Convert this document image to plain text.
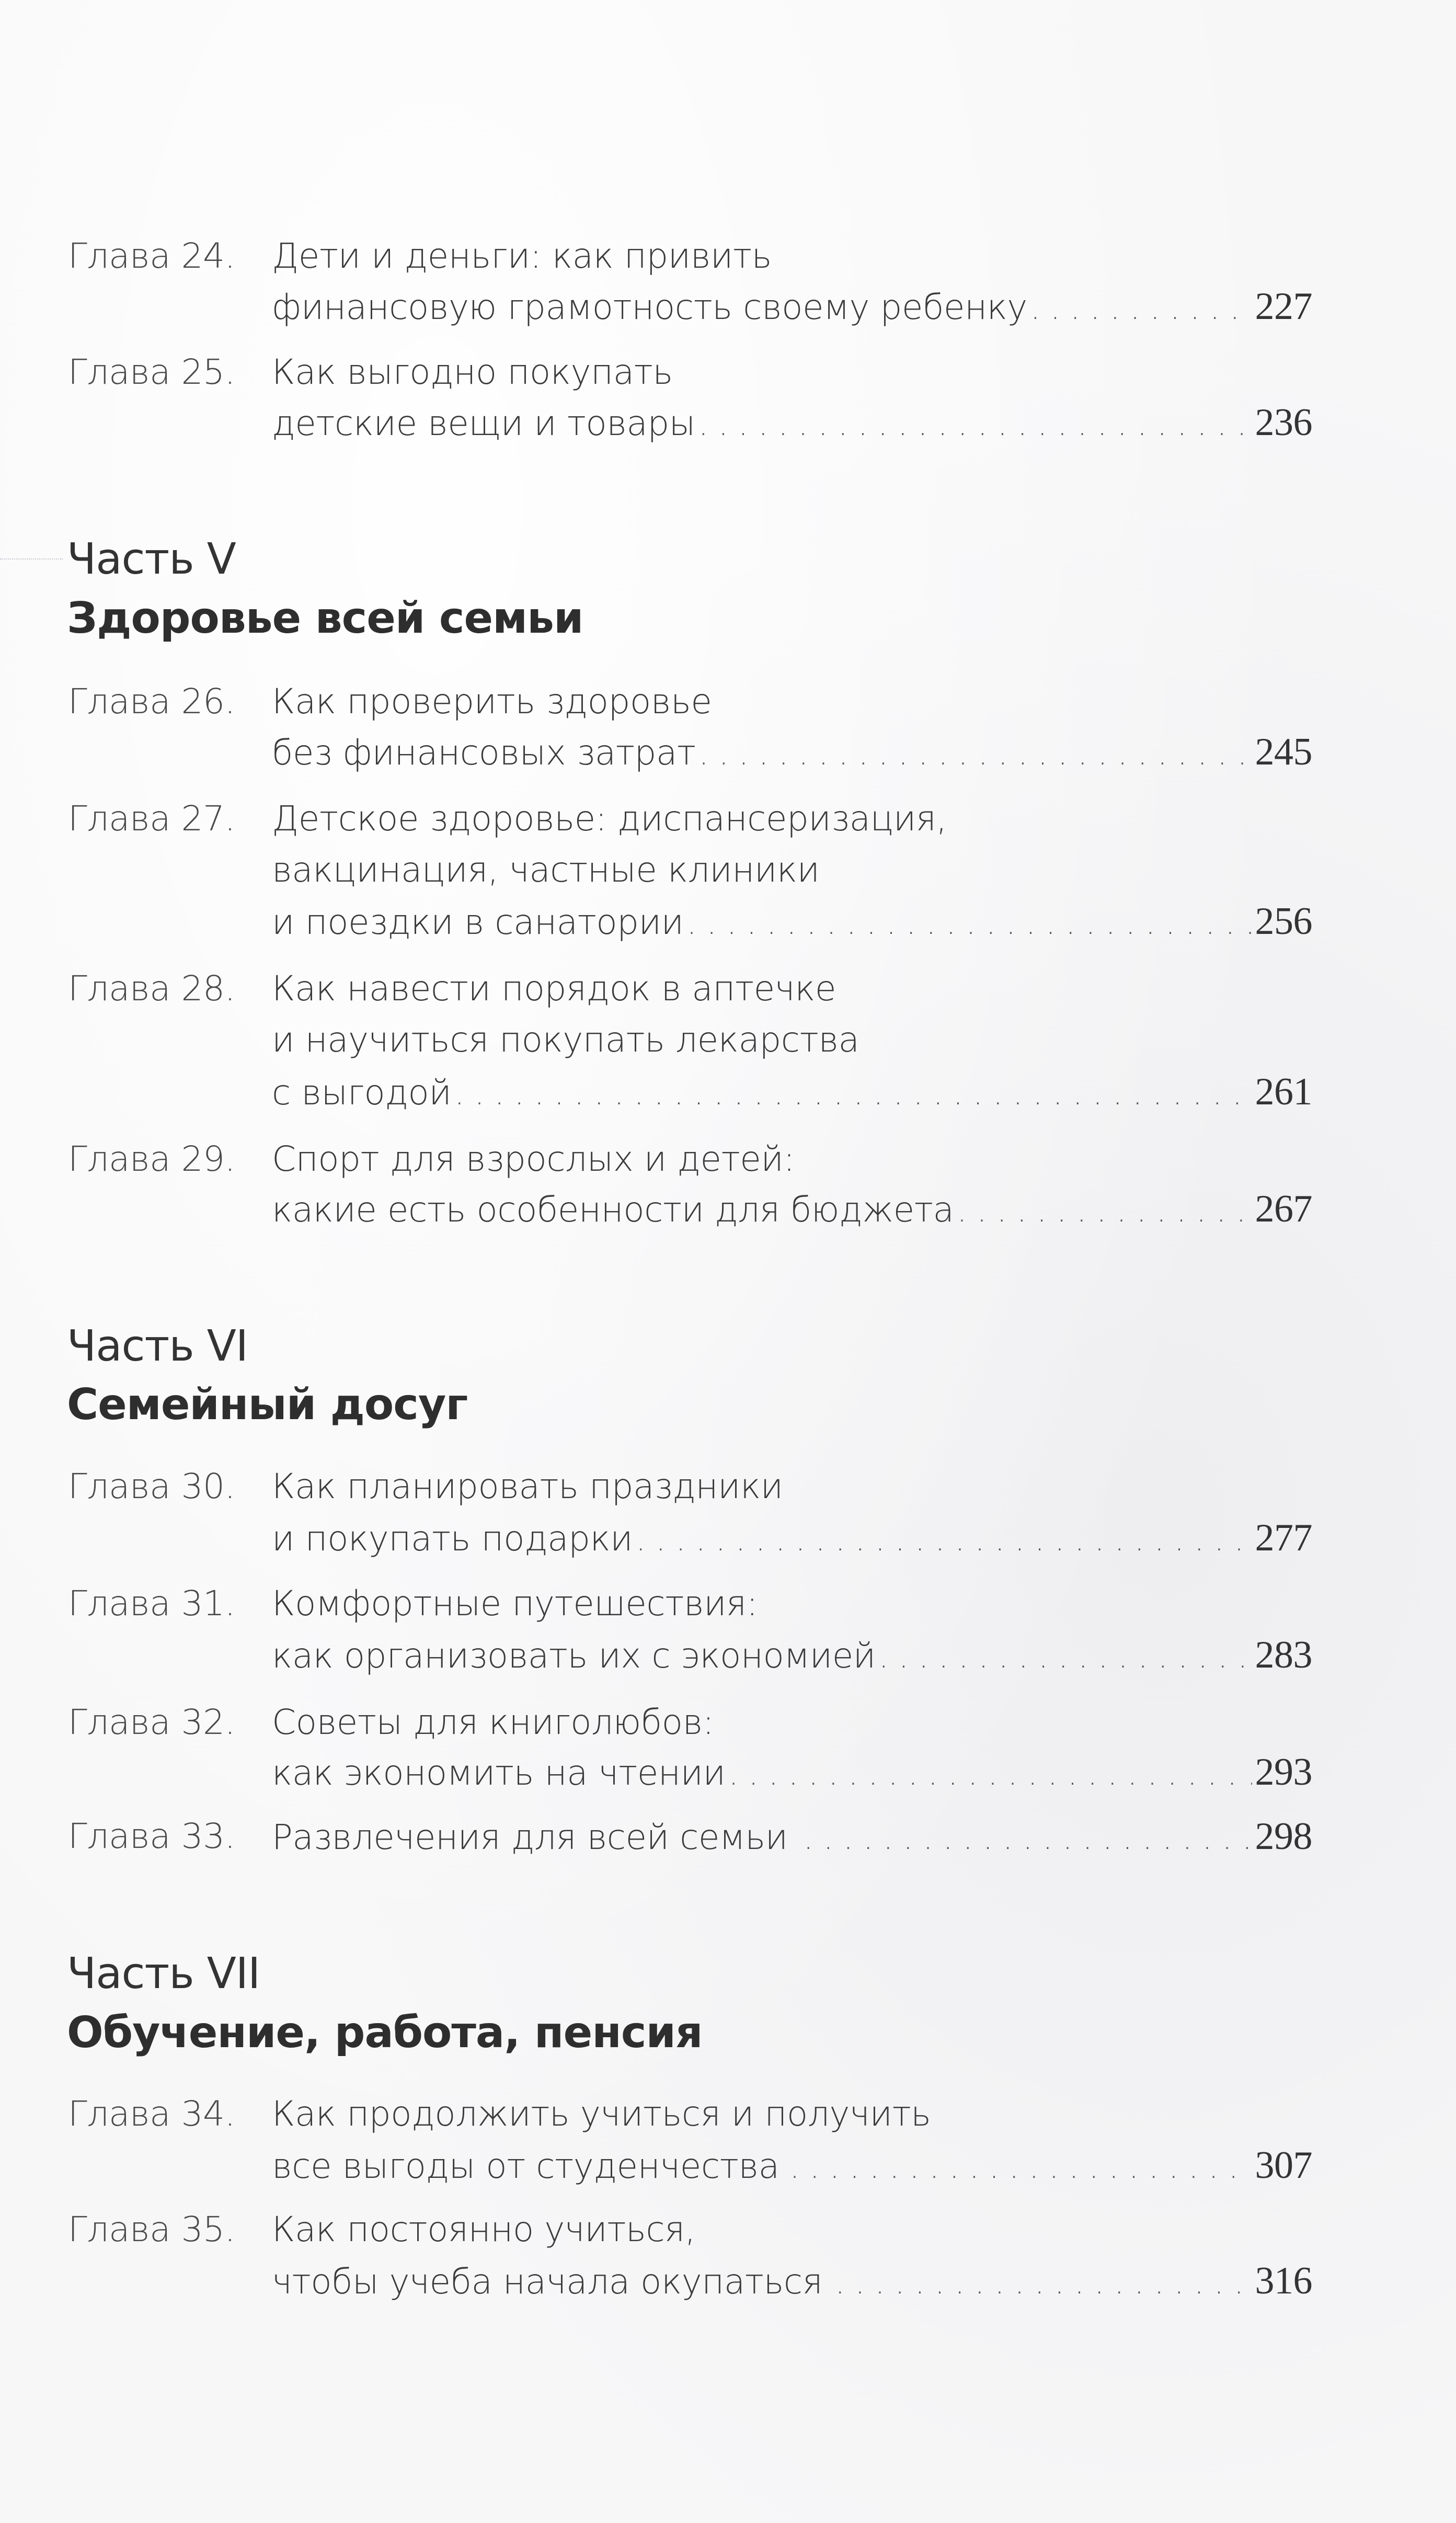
Глава 24. Дети и деньги: как привить
финансовую грамотность своему ребенку . . .	227
Глава 25. Как выгодно покупать
детские вещи и товары . . .	236
Часть V
Здоровье всей семьи
Глава 26. Как проверить здоровье
без финансовых затрат . . .	245
Глава 27. Детское здоровье: диспансеризация,
вакцинация, частные клиники
и поездки в санатории . . .	256
Глава 28. Как навести порядок в аптечке
и научиться покупать лекарства
с выгодой . . .	261
Глава 29. Спорт для взрослых и детей:
какие есть особенности для бюджета . . .	267
Часть VI
Семейный досуг
Глава 30. Как планировать праздники
и покупать подарки . . .	277
Глава 31. Комфортные путешествия:
как организовать их с экономией . . .	283
Глава 32. Советы для книголюбов:
как экономить на чтении . . .	293
Глава 33. Развлечения для всей семьи . . .	298
Часть VII
Обучение, работа, пенсия
Глава 34. Как продолжить учиться и получить
все выгоды от студенчества . . .	307
Глава 35. Как постоянно учиться,
чтобы учеба начала окупаться . . .	316
